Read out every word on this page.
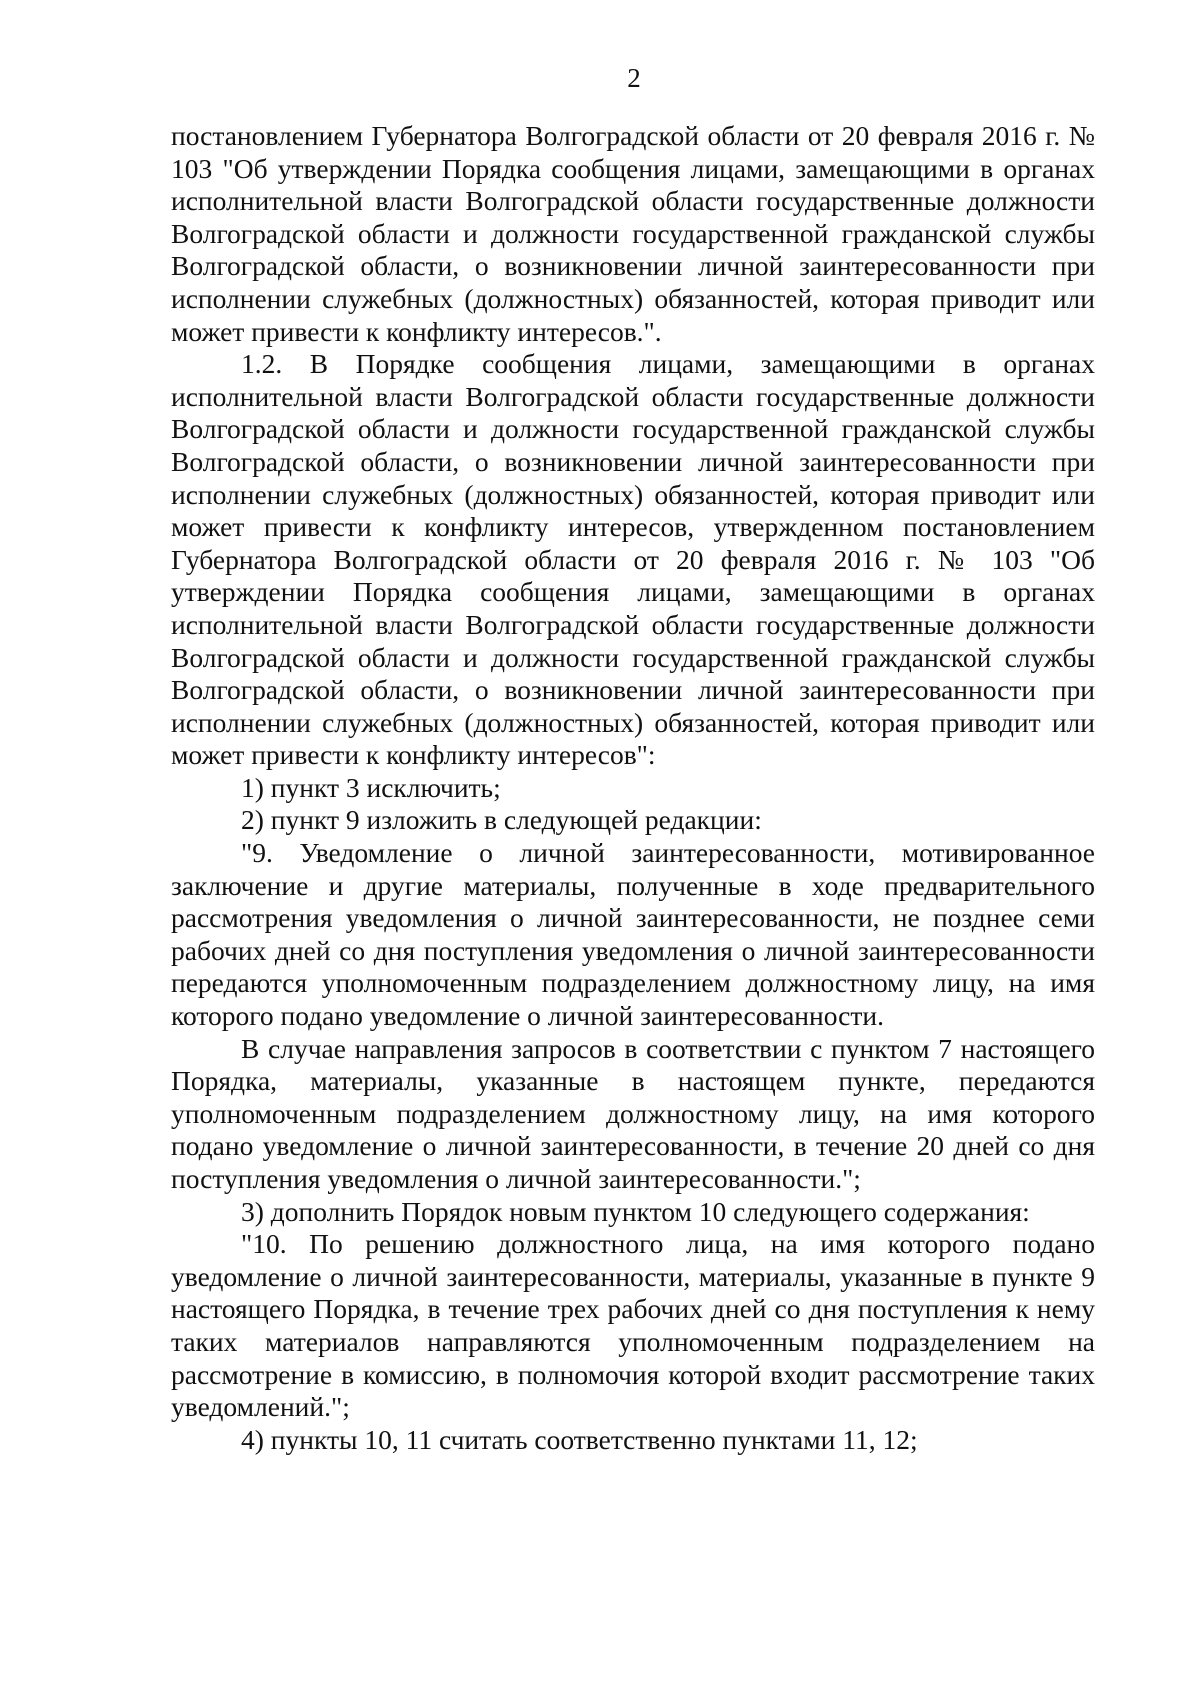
2

постановлением Губернатора Волгоградской области от 20 февраля 2016 г. № 103 "Об утверждении Порядка сообщения лицами, замещающими в органах исполнительной власти Волгоградской области государственные должности Волгоградской области и должности государственной гражданской службы Волгоградской области, о возникновении личной заинтересованности при исполнении служебных (должностных) обязанностей, которая приводит или может привести к конфликту интересов.".

1.2. В Порядке сообщения лицами, замещающими в органах исполнительной власти Волгоградской области государственные должности Волгоградской области и должности государственной гражданской службы Волгоградской области, о возникновении личной заинтересованности при исполнении служебных (должностных) обязанностей, которая приводит или может привести к конфликту интересов, утвержденном постановлением Губернатора Волгоградской области от 20 февраля 2016 г. № 103 "Об утверждении Порядка сообщения лицами, замещающими в органах исполнительной власти Волгоградской области государственные должности Волгоградской области и должности государственной гражданской службы Волгоградской области, о возникновении личной заинтересованности при исполнении служебных (должностных) обязанностей, которая приводит или может привести к конфликту интересов":

1) пункт 3 исключить;

2) пункт 9 изложить в следующей редакции:

"9. Уведомление о личной заинтересованности, мотивированное заключение и другие материалы, полученные в ходе предварительного рассмотрения уведомления о личной заинтересованности, не позднее семи рабочих дней со дня поступления уведомления о личной заинтересованности передаются уполномоченным подразделением должностному лицу, на имя которого подано уведомление о личной заинтересованности.

В случае направления запросов в соответствии с пунктом 7 настоящего Порядка, материалы, указанные в настоящем пункте, передаются уполномоченным подразделением должностному лицу, на имя которого подано уведомление о личной заинтересованности, в течение 20 дней со дня поступления уведомления о личной заинтересованности.";

3) дополнить Порядок новым пунктом 10 следующего содержания:

"10. По решению должностного лица, на имя которого подано уведомление о личной заинтересованности, материалы, указанные в пункте 9 настоящего Порядка, в течение трех рабочих дней со дня поступления к нему таких материалов направляются уполномоченным подразделением на рассмотрение в комиссию, в полномочия которой входит рассмотрение таких уведомлений.";

4) пункты 10, 11 считать соответственно пунктами 11, 12;
